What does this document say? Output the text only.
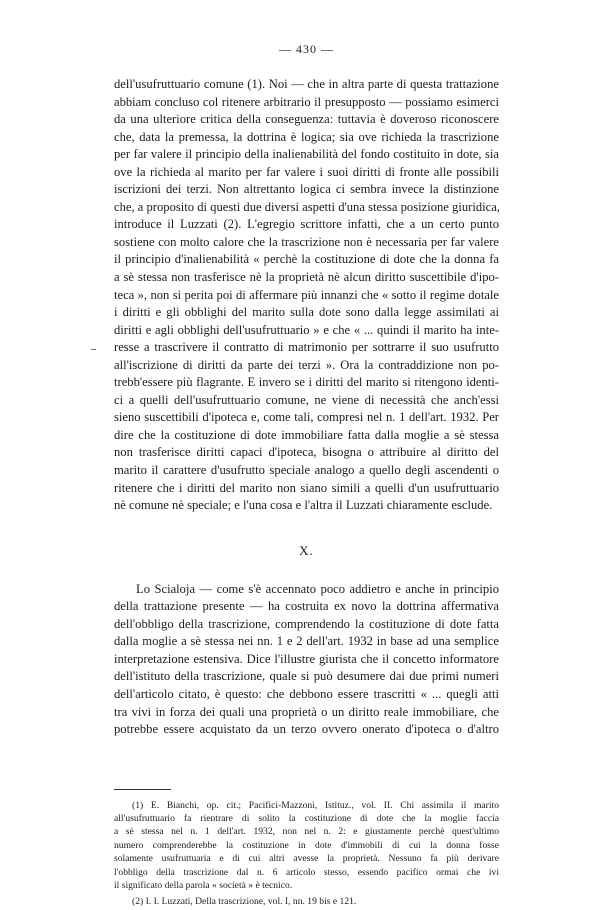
— 430 —
dell'usufruttuario comune (1). Noi — che in altra parte di questa trattazione
abbiam concluso col ritenere arbitrario il presupposto — possiamo esimerci
da una ulteriore critica della conseguenza: tuttavia è doveroso riconoscere
che, data la premessa, la dottrina è logica; sia ove richieda la trascrizione
per far valere il principio della inalienabilità del fondo costituito in dote, sia
ove la richieda al marito per far valere i suoi diritti di fronte alle possibili
iscrizioni dei terzi. Non altrettanto logica ci sembra invece la distinzione
che, a proposito di questi due diversi aspetti d'una stessa posizione giuridica,
introduce il Luzzati (2). L'egregio scrittore infatti, che a un certo punto
sostiene con molto calore che la trascrizione non è necessaria per far valere
il principio d'inalienabilità « perchè la costituzione di dote che la donna fa
a sè stessa non trasferisce nè la proprietà nè alcun diritto suscettibile d'ipo-
teca », non si perita poi di affermare più innanzi che « sotto il regime dotale
i diritti e gli obblighi del marito sulla dote sono dalla legge assimilati ai
diritti e agli obblighi dell'usufruttuario » e che « ... quindi il marito ha inte-
resse a trascrivere il contratto di matrimonio per sottrarre il suo usufrutto
all'iscrizione di diritti da parte dei terzi ». Ora la contraddizione non po-
trebb'essere più flagrante. E invero se i diritti del marito si ritengono identi-
ci a quelli dell'usufruttuario comune, ne viene di necessità che anch'essi
sieno suscettibili d'ipoteca e, come tali, compresi nel n. 1 dell'art. 1932. Per
dire che la costituzione di dote immobiliare fatta dalla moglie a sè stessa
non trasferisce diritti capaci d'ipoteca, bisogna o attribuire al diritto del
marito il carattere d'usufrutto speciale analogo a quello degli ascendenti o
ritenere che i diritti del marito non siano simili a quelli d'un usufruttuario
nè comune nè speciale; e l'una cosa e l'altra il Luzzati chiaramente esclude.
X.
Lo Scialoja — come s'è accennato poco addietro e anche in principio
della trattazione presente — ha costruita ex novo la dottrina affermativa
dell'obbligo della trascrizione, comprendendo la costituzione di dote fatta
dalla moglie a sè stessa nei nn. 1 e 2 dell'art. 1932 in base ad una semplice
interpretazione estensiva. Dice l'illustre giurista che il concetto informatore
dell'istituto della trascrizione, quale si può desumere dai due primi numeri
dell'articolo citato, è questo: che debbono essere trascritti « ... quegli atti
tra vivi in forza dei quali una proprietà o un diritto reale immobiliare, che
potrebbe essere acquistato da un terzo ovvero onerato d'ipoteca o d'altro
(1) E. Bianchi, op. cit.; Pacifici-Mazzoni, Istituz., vol. II. Chi assimila il marito
all'usufruttuario fa rientrare di solito la costituzione di dote che la moglie faccia
a sè stessa nel n. 1 dell'art. 1932, non nel n. 2: e giustamente perchè quest'ultimo
numero comprenderebbe la costituzione in dote d'immobili di cui la donna fosse
solamente usufruttuaria e di cui altri avesse la proprietà. Nessuno fa più derivare
l'obbligo della trascrizione dal n. 6 articolo stesso, essendo pacifico ormai che ivi
il significato della parola « società » è tecnico.
(2) I. I. Luzzati, Della trascrizione, vol. I, nn. 19 bis e 121.
